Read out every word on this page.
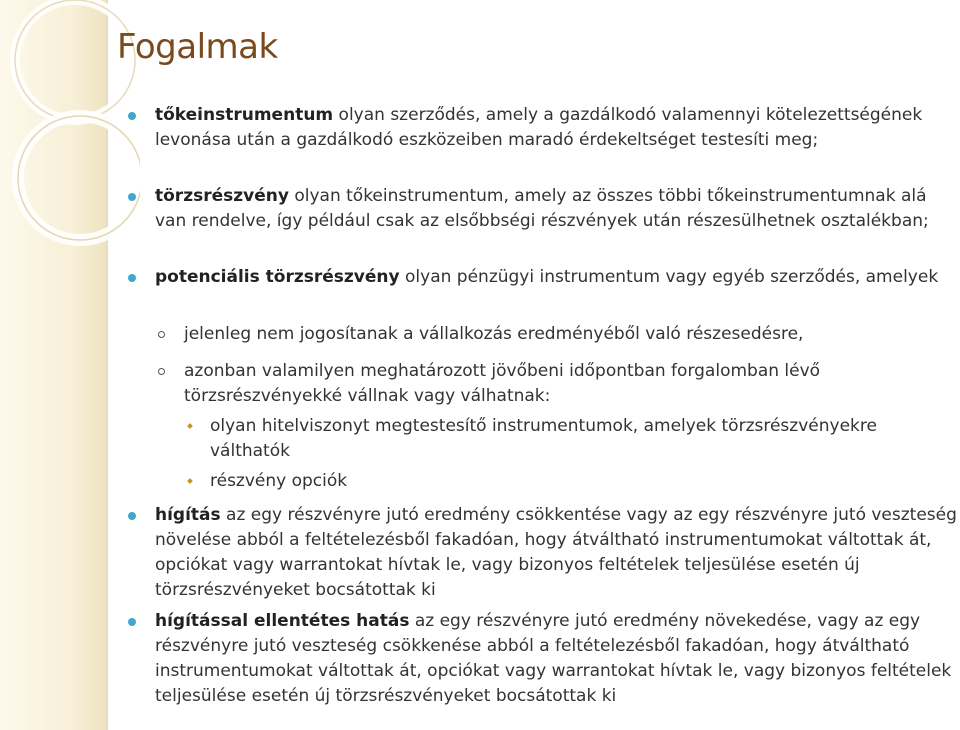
Fogalmak

tőkeinstrumentum olyan szerződés, amely a gazdálkodó valamennyi kötelezettségének levonása után a gazdálkodó eszközeiben maradó érdekeltséget testesíti meg;

törzsrészvény olyan tőkeinstrumentum, amely az összes többi tőkeinstrumentumnak alá van rendelve, így például csak az elsőbbségi részvények után részesülhetnek osztalékban;

potenciális törzsrészvény olyan pénzügyi instrumentum vagy egyéb szerződés, amelyek

jelenleg nem jogosítanak a vállalkozás eredményéből való részesedésre,

azonban valamilyen meghatározott jövőbeni időpontban forgalomban lévő törzsrészvényekké vállnak vagy válhatnak:

olyan hitelviszonyt megtestesítő instrumentumok, amelyek törzsrészvényekre válthatók

részvény opciók

hígítás az egy részvényre jutó eredmény csökkentése vagy az egy részvényre jutó veszteség növelése abból a feltételezésből fakadóan, hogy átváltható instrumentumokat váltottak át, opciókat vagy warrantokat hívtak le, vagy bizonyos feltételek teljesülése esetén új törzsrészvényeket bocsátottak ki

hígítással ellentétes hatás az egy részvényre jutó eredmény növekedése, vagy az egy részvényre jutó veszteség csökkenése abból a feltételezésből fakadóan, hogy átváltható instrumentumokat váltottak át, opciókat vagy warrantokat hívtak le, vagy bizonyos feltételek teljesülése esetén új törzsrészvényeket bocsátottak ki
